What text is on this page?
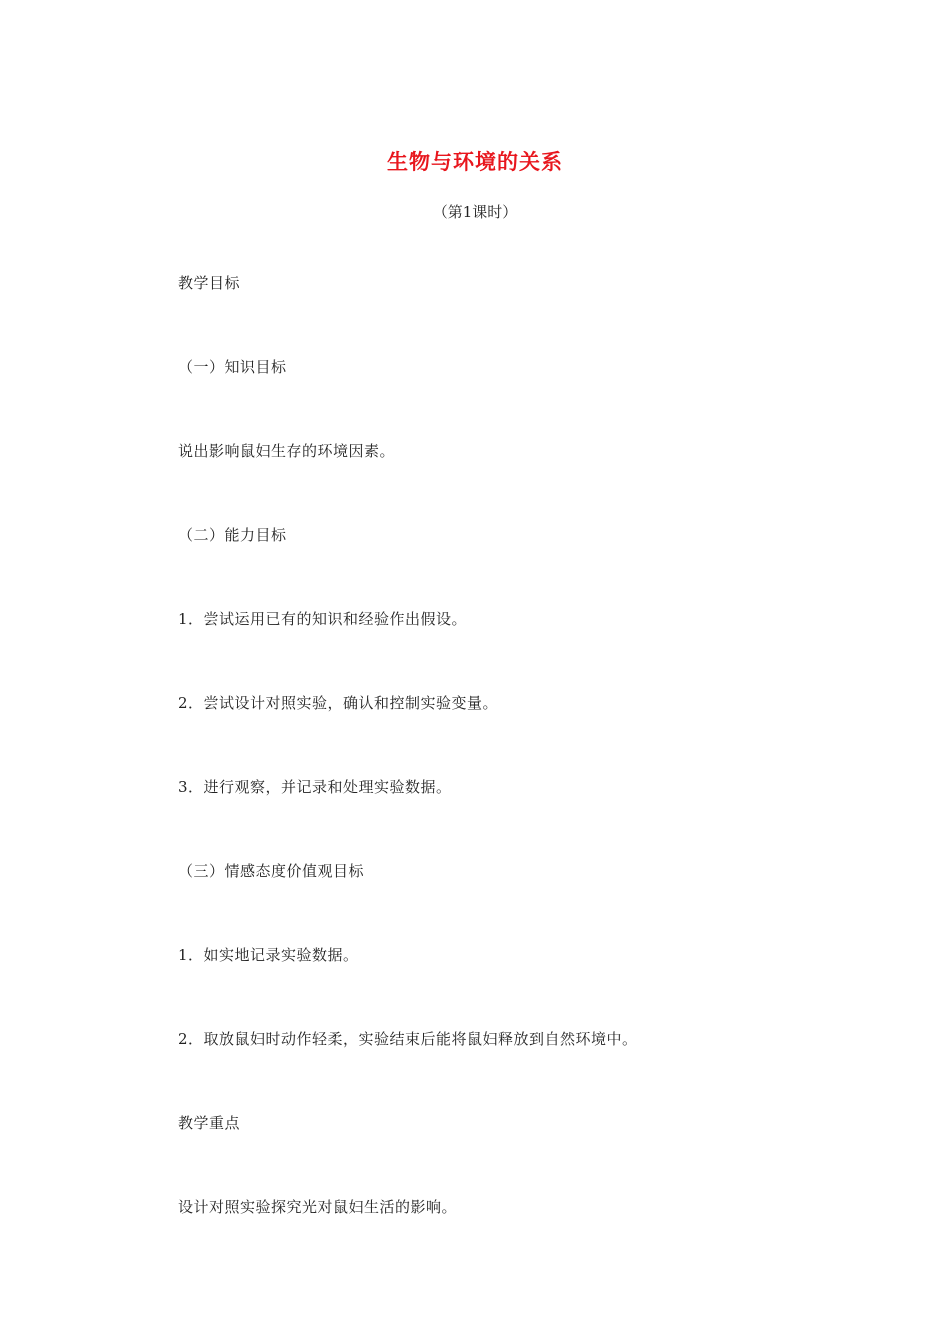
生物与环境的关系
（第1课时）
教学目标
（一）知识目标
说出影响鼠妇生存的环境因素。
（二）能力目标
1．尝试运用已有的知识和经验作出假设。
2．尝试设计对照实验，确认和控制实验变量。
3．进行观察，并记录和处理实验数据。
（三）情感态度价值观目标
1．如实地记录实验数据。
2．取放鼠妇时动作轻柔，实验结束后能将鼠妇释放到自然环境中。
教学重点
设计对照实验探究光对鼠妇生活的影响。
